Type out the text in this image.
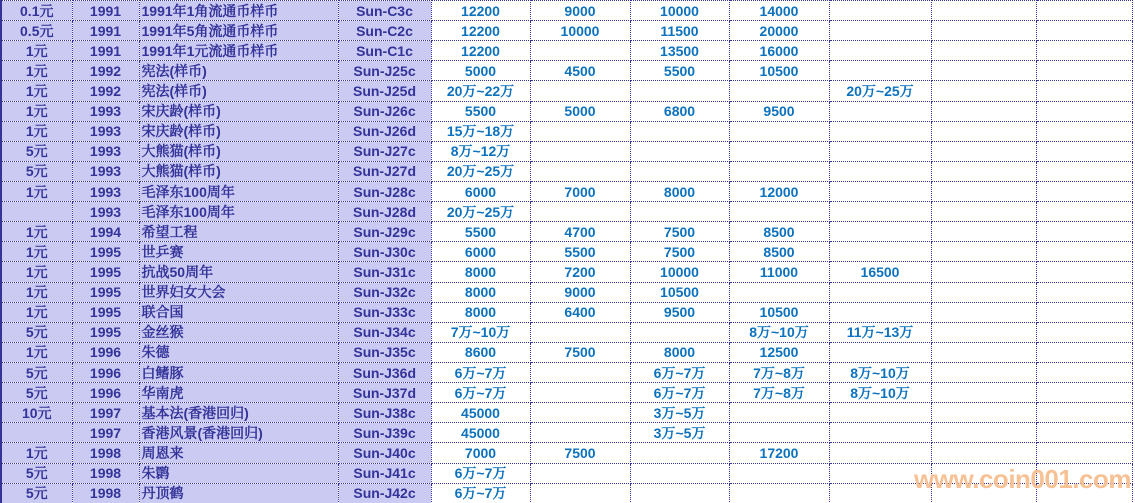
0.1元	1991	1991年1角流通币样币	Sun-C3c	12200	9000	10000	14000			
0.5元	1991	1991年5角流通币样币	Sun-C2c	12200	10000	11500	20000			
1元	1991	1991年1元流通币样币	Sun-C1c	12200		13500	16000			
1元	1992	宪法(样币)	Sun-J25c	5000	4500	5500	10500			
1元	1992	宪法(样币)	Sun-J25d	20万~22万				20万~25万		
1元	1993	宋庆龄(样币)	Sun-J26c	5500	5000	6800	9500			
1元	1993	宋庆龄(样币)	Sun-J26d	15万~18万						
5元	1993	大熊猫(样币)	Sun-J27c	8万~12万						
5元	1993	大熊猫(样币)	Sun-J27d	20万~25万						
1元	1993	毛泽东100周年	Sun-J28c	6000	7000	8000	12000			
	1993	毛泽东100周年	Sun-J28d	20万~25万						
1元	1994	希望工程	Sun-J29c	5500	4700	7500	8500			
1元	1995	世乒赛	Sun-J30c	6000	5500	7500	8500			
1元	1995	抗战50周年	Sun-J31c	8000	7200	10000	11000	16500		
1元	1995	世界妇女大会	Sun-J32c	8000	9000	10500				
1元	1995	联合国	Sun-J33c	8000	6400	9500	10500			
5元	1995	金丝猴	Sun-J34c	7万~10万			8万~10万	11万~13万		
1元	1996	朱德	Sun-J35c	8600	7500	8000	12500			
5元	1996	白鳍豚	Sun-J36d	6万~7万		6万~7万	7万~8万	8万~10万		
5元	1996	华南虎	Sun-J37d	6万~7万		6万~7万	7万~8万	8万~10万		
10元	1997	基本法(香港回归)	Sun-J38c	45000		3万~5万				
	1997	香港风景(香港回归)	Sun-J39c	45000		3万~5万				
1元	1998	周恩来	Sun-J40c	7000	7500		17200			
5元	1998	朱鹮	Sun-J41c	6万~7万						
5元	1998	丹顶鹤	Sun-J42c	6万~7万							www.coin001.com
